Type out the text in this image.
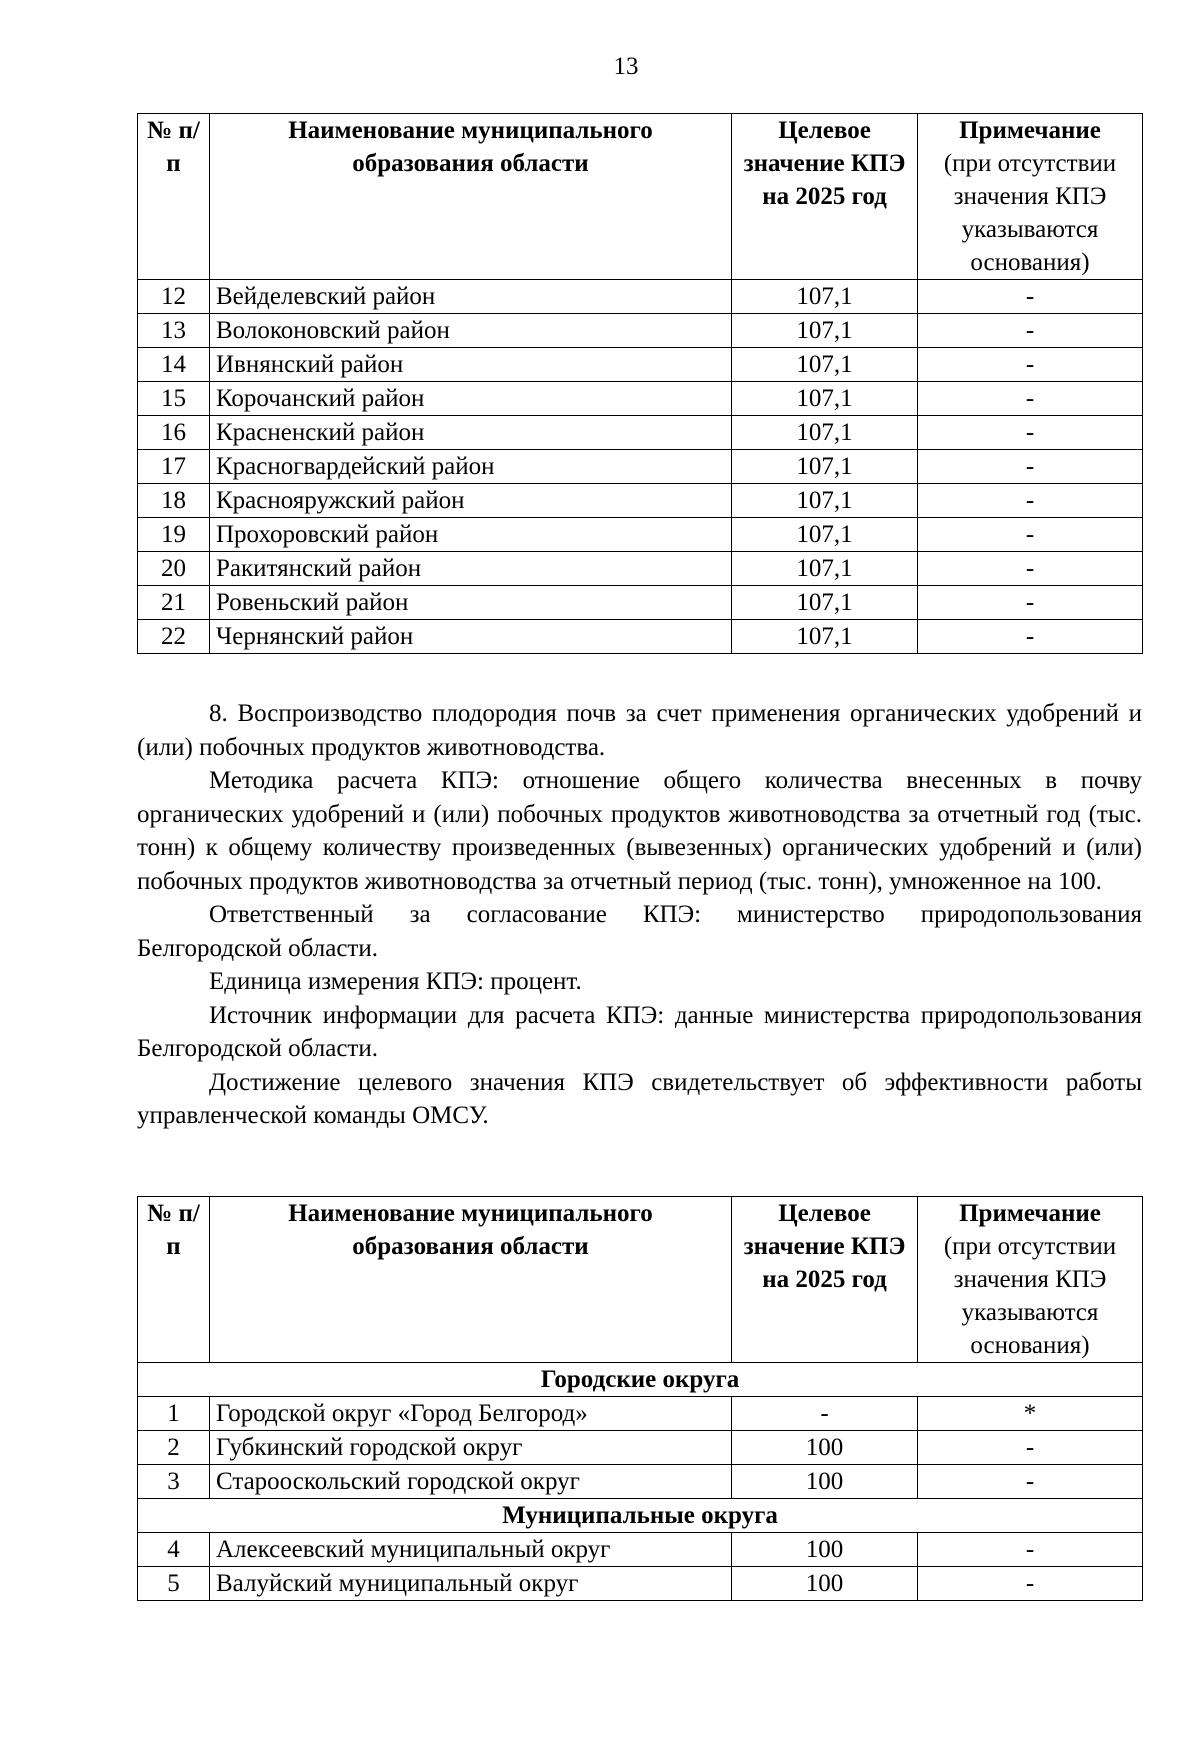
13
№ п/п	Наименование муниципального образования области	Целевое значение КПЭ на 2025 год	Примечание
(при отсутствии значения КПЭ указываются основания)
12	Вейделевский район	107,1	-
13	Волоконовский район	107,1	-
14	Ивнянский район	107,1	-
15	Корочанский район	107,1	-
16	Красненский район	107,1	-
17	Красногвардейский район	107,1	-
18	Краснояружский район	107,1	-
19	Прохоровский район	107,1	-
20	Ракитянский район	107,1	-
21	Ровеньский район	107,1	-
22	Чернянский район	107,1	-

8. Воспроизводство плодородия почв за счет применения органических удобрений и (или) побочных продуктов животноводства.

Методика расчета КПЭ: отношение общего количества внесенных в почву органических удобрений и (или) побочных продуктов животноводства за отчетный год (тыс. тонн) к общему количеству произведенных (вывезенных) органических удобрений и (или) побочных продуктов животноводства за отчетный период (тыс. тонн), умноженное на 100.

Ответственный за согласование КПЭ: министерство природопользования Белгородской области.

Единица измерения КПЭ: процент.

Источник информации для расчета КПЭ: данные министерства природопользования Белгородской области.

Достижение целевого значения КПЭ свидетельствует об эффективности работы управленческой команды ОМСУ.

№ п/п	Наименование муниципального образования области	Целевое значение КПЭ на 2025 год	Примечание
(при отсутствии значения КПЭ указываются основания)
Городские округа			
1	Городской округ «Город Белгород»	-	*
2	Губкинский городской округ	100	-
3	Старооскольский городской округ	100	-
Муниципальные округа			
4	Алексеевский муниципальный округ	100	-
5	Валуйский муниципальный округ	100	-
